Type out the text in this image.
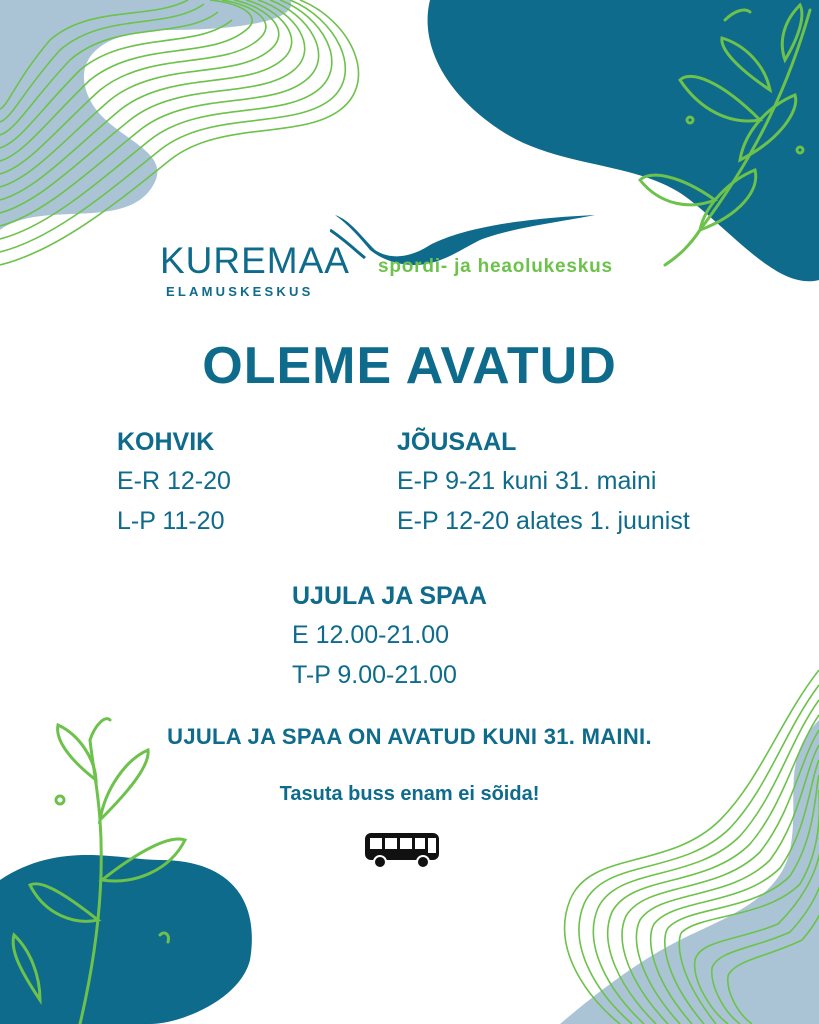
KUREMAA
ELAMUSKESKUS
spordi- ja heaolukeskus
OLEME AVATUD
KOHVIK
E-R 12-20
L-P 11-20
JÕUSAAL
E-P 9-21 kuni 31. maini
E-P 12-20 alates 1. juunist
UJULA JA SPAA
E 12.00-21.00
T-P 9.00-21.00
UJULA JA SPAA ON AVATUD KUNI 31. MAINI.
Tasuta buss enam ei sõida!
